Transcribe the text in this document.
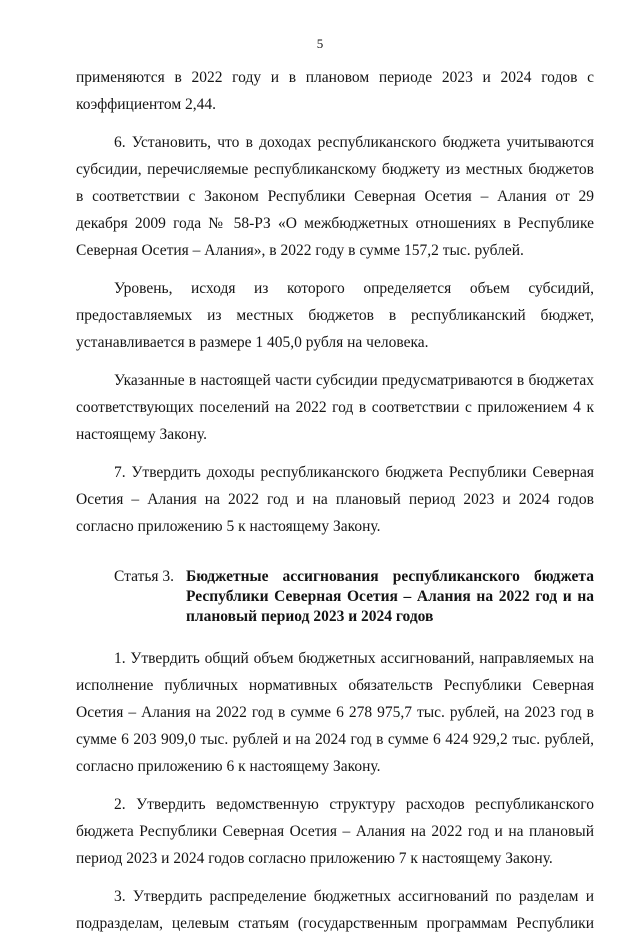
5

применяются в 2022 году и в плановом периоде 2023 и 2024 годов с коэффициентом 2,44.

6. Установить, что в доходах республиканского бюджета учитываются субсидии, перечисляемые республиканскому бюджету из местных бюджетов в соответствии с Законом Республики Северная Осетия – Алания от 29 декабря 2009 года № 58-РЗ «О межбюджетных отношениях в Республике Северная Осетия – Алания», в 2022 году в сумме 157,2 тыс. рублей.

Уровень, исходя из которого определяется объем субсидий, предоставляемых из местных бюджетов в республиканский бюджет, устанавливается в размере 1 405,0 рубля на человека.

Указанные в настоящей части субсидии предусматриваются в бюджетах соответствующих поселений на 2022 год в соответствии с приложением 4 к настоящему Закону.

7. Утвердить доходы республиканского бюджета Республики Северная Осетия – Алания на 2022 год и на плановый период 2023 и 2024 годов согласно приложению 5 к настоящему Закону.

Статья 3. Бюджетные ассигнования республиканского бюджета Республики Северная Осетия – Алания на 2022 год и на плановый период 2023 и 2024 годов

1. Утвердить общий объем бюджетных ассигнований, направляемых на исполнение публичных нормативных обязательств Республики Северная Осетия – Алания на 2022 год в сумме 6 278 975,7 тыс. рублей, на 2023 год в сумме 6 203 909,0 тыс. рублей и на 2024 год в сумме 6 424 929,2 тыс. рублей, согласно приложению 6 к настоящему Закону.

2. Утвердить ведомственную структуру расходов республиканского бюджета Республики Северная Осетия – Алания на 2022 год и на плановый период 2023 и 2024 годов согласно приложению 7 к настоящему Закону.

3. Утвердить распределение бюджетных ассигнований по разделам и

подразделам, целевым статьям (государственным программам Республики
